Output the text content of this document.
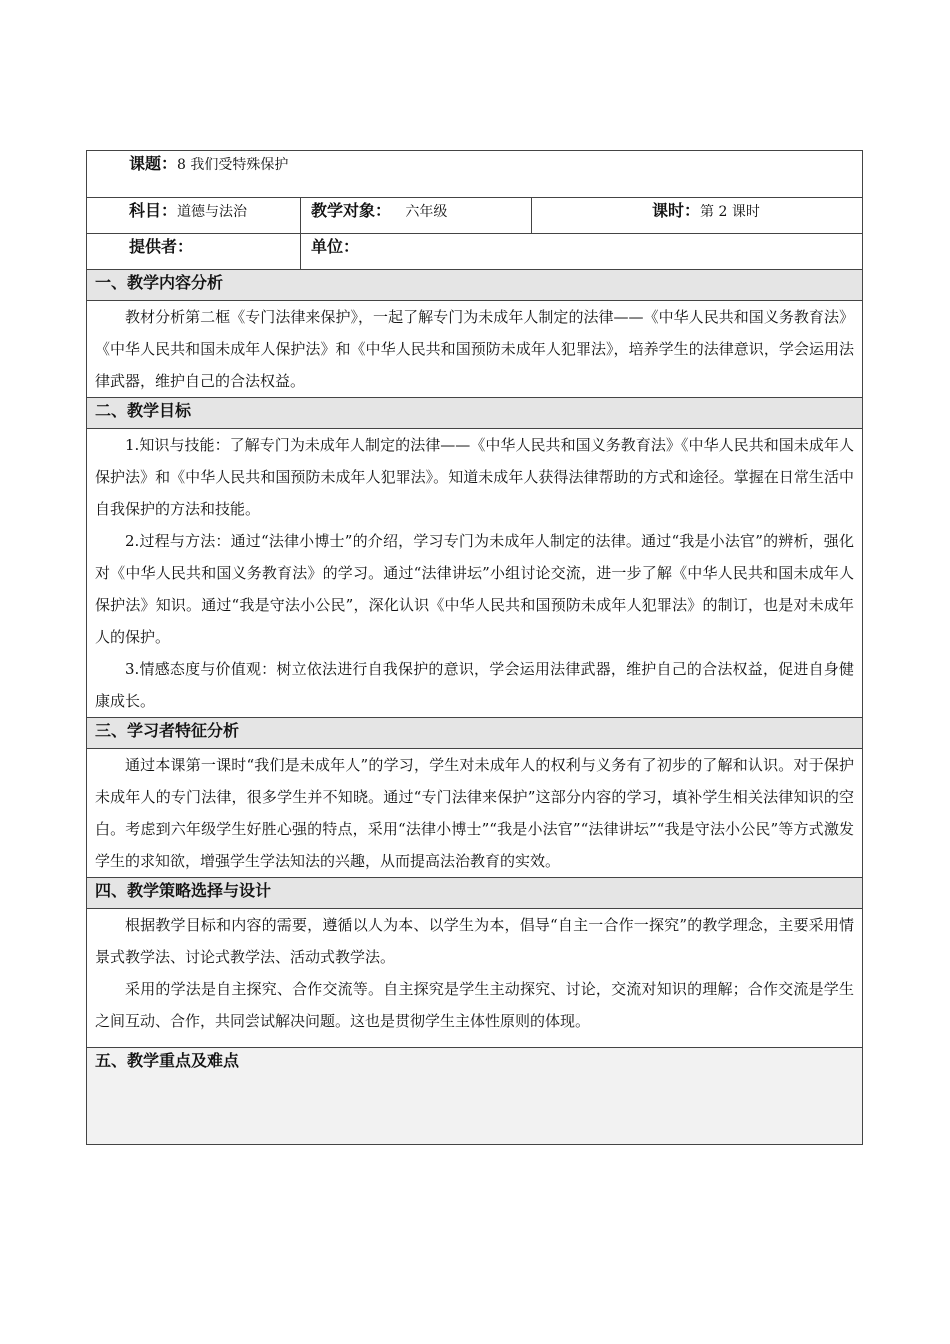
课题：8 我们受特殊保护		
科目：道德与法治	教学对象： 六年级	课时：第 2 课时
提供者：	单位：	
一、教学内容分析		

教材分析第二框《专门法律来保护》，一起了解专门为未成年人制定的法律——《中华人民共和国义务教育法》《中华人民共和国未成年人保护法》和《中华人民共和国预防未成年人犯罪法》，培养学生的法律意识，学会运用法律武器，维护自己的合法权益。		

二、教学目标		

1.知识与技能：了解专门为未成年人制定的法律——《中华人民共和国义务教育法》《中华人民共和国未成年人保护法》和《中华人民共和国预防未成年人犯罪法》。知道未成年人获得法律帮助的方式和途径。掌握在日常生活中自我保护的方法和技能。

2.过程与方法：通过“法律小博士”的介绍，学习专门为未成年人制定的法律。通过“我是小法官”的辨析，强化对《中华人民共和国义务教育法》的学习。通过“法律讲坛”小组讨论交流，进一步了解《中华人民共和国未成年人保护法》知识。通过“我是守法小公民”，深化认识《中华人民共和国预防未成年人犯罪法》的制订，也是对未成年人的保护。

3.情感态度与价值观：树立依法进行自我保护的意识，学会运用法律武器，维护自己的合法权益，促进自身健康成长。		

三、学习者特征分析		

通过本课第一课时“我们是未成年人”的学习，学生对未成年人的权利与义务有了初步的了解和认识。对于保护未成年人的专门法律，很多学生并不知晓。通过“专门法律来保护”这部分内容的学习，填补学生相关法律知识的空白。考虑到六年级学生好胜心强的特点，采用“法律小博士”“我是小法官”“法律讲坛”“我是守法小公民”等方式激发学生的求知欲，增强学生学法知法的兴趣，从而提高法治教育的实效。		

四、教学策略选择与设计		

根据教学目标和内容的需要，遵循以人为本、以学生为本，倡导“自主一合作一探究”的教学理念，主要采用情景式教学法、讨论式教学法、活动式教学法。

采用的学法是自主探究、合作交流等。自主探究是学生主动探究、讨论，交流对知识的理解；合作交流是学生之间互动、合作，共同尝试解决问题。这也是贯彻学生主体性原则的体现。		

五、教学重点及难点		
